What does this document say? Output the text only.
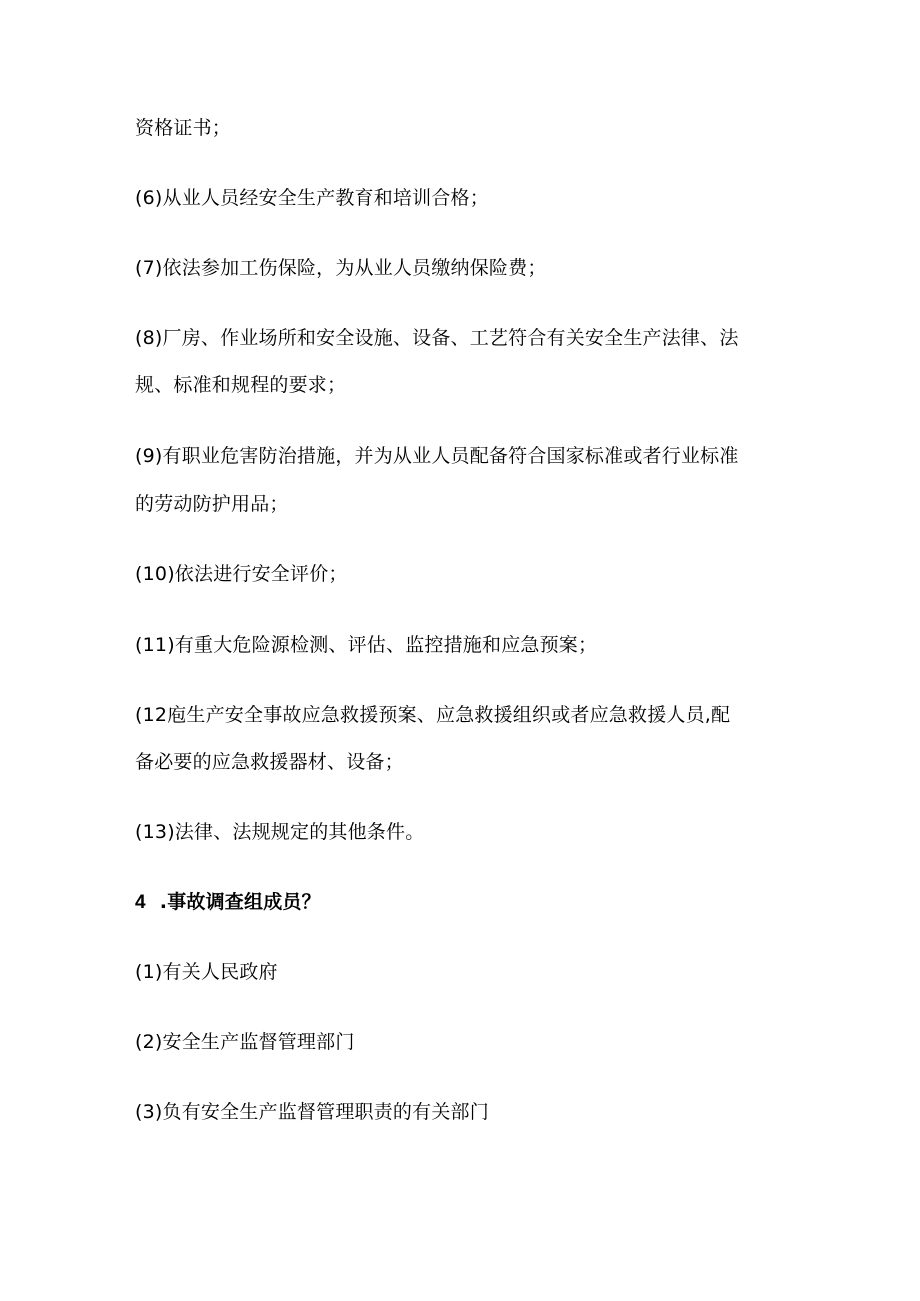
资格证书；
(6)从业人员经安全生产教育和培训合格；
(7)依法参加工伤保险，为从业人员缴纳保险费；
(8)厂房、作业场所和安全设施、设备、工艺符合有关安全生产法律、法
规、标准和规程的要求；
(9)有职业危害防治措施，并为从业人员配备符合国家标准或者行业标准
的劳动防护用品；
(10)依法进行安全评价；
(11)有重大危险源检测、评估、监控措施和应急预案；
(12庖生产安全事故应急救援预案、应急救援组织或者应急救援人员,配
备必要的应急救援器材、设备；
(13)法律、法规规定的其他条件。
4 .事故调查组成员？
(1)有关人民政府
(2)安全生产监督管理部门
(3)负有安全生产监督管理职责的有关部门
